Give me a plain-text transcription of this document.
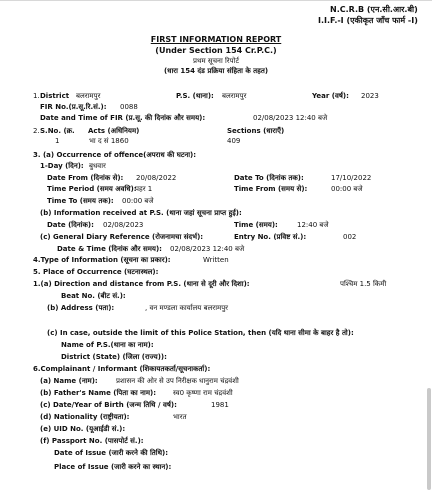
N.C.R.B (एन.सी.आर.बी)
I.I.F.-I (एकीकृत जाँच फार्म -I)
FIRST INFORMATION REPORT
(Under Section 154 Cr.P.C.)
प्रथम सूचना रिपोर्ट
(धारा 154 दंड प्रक्रिया संहिता के तहत)
1. District बलरामपुर	P.S. (थाना): बलरामपुर	Year (वर्ष): 2023
FIR No.(प्र.सू.रि.सं.): 0088
Date and Time of FIR (प्र.सू. की दिनांक और समय):	02/08/2023 12:40 बजे
2. S.No. (क्र. Acts (अधिनियम)	Sections (धाराएँ)
1	भा द सं 1860	409
3. (a) Occurrence of offence(अपराध की घटना):
1-Day (दिन): बुधवार
Date From (दिनांक से): 20/08/2022	Date To (दिनांक तक):	17/10/2022
Time Period (समय अवधि):
पहर 1	Time From (समय से):	00:00 बजे
Time To (समय तक): 00:00 बजे
(b) Information received at P.S. (थाना जहां सूचना प्राप्त हुई):
Date (दिनांक): 02/08/2023	Time (समय):	12:40 बजे
(c) General Diary Reference (रोजनामचा संदर्भ):	Entry No. (प्रविष्ट सं.):	002
Date & Time (दिनांक और समय): 02/08/2023 12:40 बजे
4.Type of Information (सूचना का प्रकार):	Written
5. Place of Occurrence (घटनास्थल):
1.(a) Direction and distance from P.S. (थाना से दूरी और दिशा):	पश्चिम 1.5 किमी
Beat No. (बीट सं.):
(b) Address (पता):	, वन मण्डला कार्यालय बलरामपुर
(c) In case, outside the limit of this Police Station, then (यदि थाना सीमा के बाहर है तो):
Name of P.S.(थाना का नाम):
District (State) (जिला (राज्य)):
6.Complainant / Informant (शिकायतकर्ता/सूचनाकर्ता):
(a) Name (नाम):	प्रशासन की ओर से उप निरीक्षक धानुराम चंद्रवंशी
(b) Father's Name (पिता का नाम): स्व0 कृष्णा राम चंद्रवंशी
(c) Date/Year of Birth (जन्म तिथि / वर्ष):	1981
(d) Nationality (राष्ट्रीयता):	भारत
(e) UID No. (यूआईडी सं.):
(f) Passport No. (पासपोर्ट सं.):
Date of Issue (जारी करने की तिथि):
Place of Issue (जारी करने का स्थान):
